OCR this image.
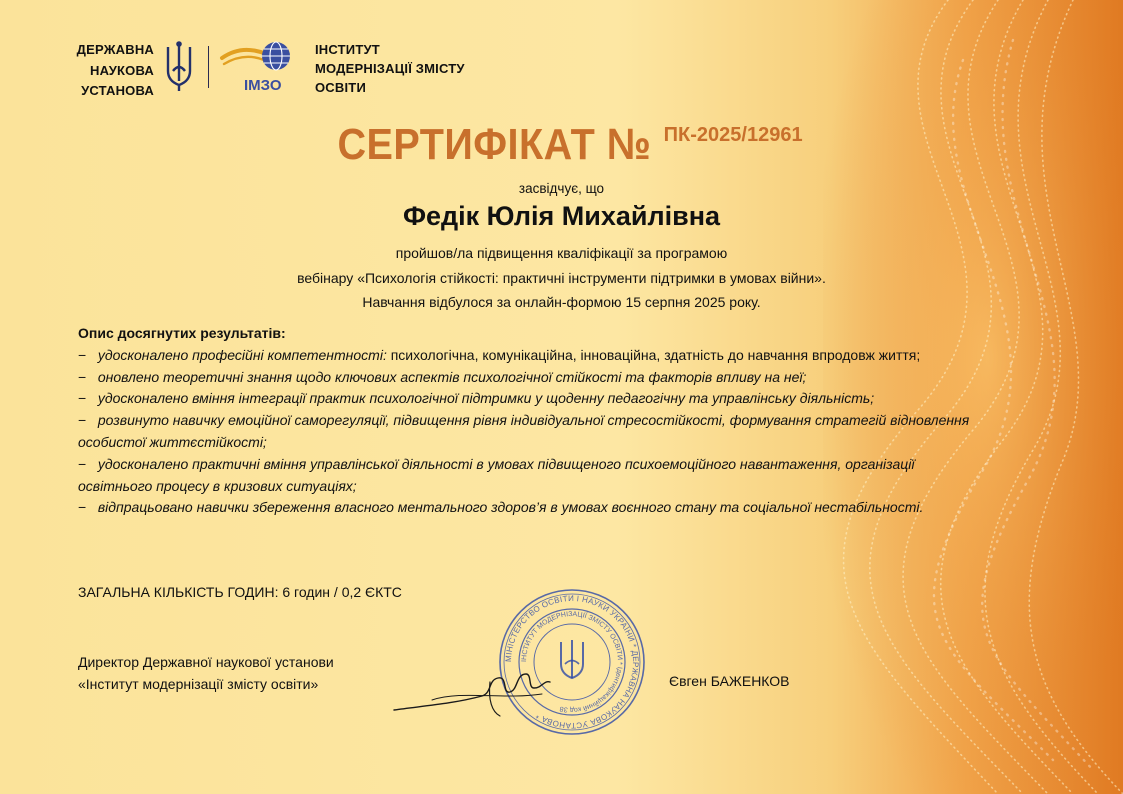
ДЕРЖАВНА
НАУКОВА
УСТАНОВА	ІМЗО
ІНСТИТУТ
МОДЕРНІЗАЦІЇ ЗМІСТУ
ОСВІТИ
СЕРТИФІКАТ № ПК-2025/12961
засвідчує, що
Федік Юлія Михайлівна
пройшов/ла підвищення кваліфікації за програмою
вебінару «Психологія стійкості: практичні інструменти підтримки в умовах війни».
Навчання відбулося за онлайн-формою 15 серпня 2025 року.
Опис досягнутих результатів:

− удосконалено професійні компетентності: психологічна, комунікаційна, інноваційна, здатність до навчання впродовж життя;

− оновлено теоретичні знання щодо ключових аспектів психологічної стійкості та факторів впливу на неї;

− удосконалено вміння інтеграції практик психологічної підтримки у щоденну педагогічну та управлінську діяльність;

− розвинуто навичку емоційної саморегуляції, підвищення рівня індивідуальної стресостійкості, формування стратегій відновлення особистої життєстійкості;

− удосконалено практичні вміння управлінської діяльності в умовах підвищеного психоемоційного навантаження, організації освітнього процесу в кризових ситуаціях;

− відпрацьовано навички збереження власного ментального здоров’я в умовах воєнного стану та соціальної нестабільності.

ЗАГАЛЬНА КІЛЬКІСТЬ ГОДИН: 6 годин / 0,2 ЄКТС
Директор Державної наукової установи
«Інститут модернізації змісту освіти»
МІНІСТЕРСТВО ОСВІТИ І НАУКИ УКРАЇНИ * ДЕРЖАВНА НАУКОВА УСТАНОВА *
ІНСТИТУТ МОДЕРНІЗАЦІЇ ЗМІСТУ ОСВІТИ * Ідентифікаційний код 38
Євген БАЖЕНКОВ
